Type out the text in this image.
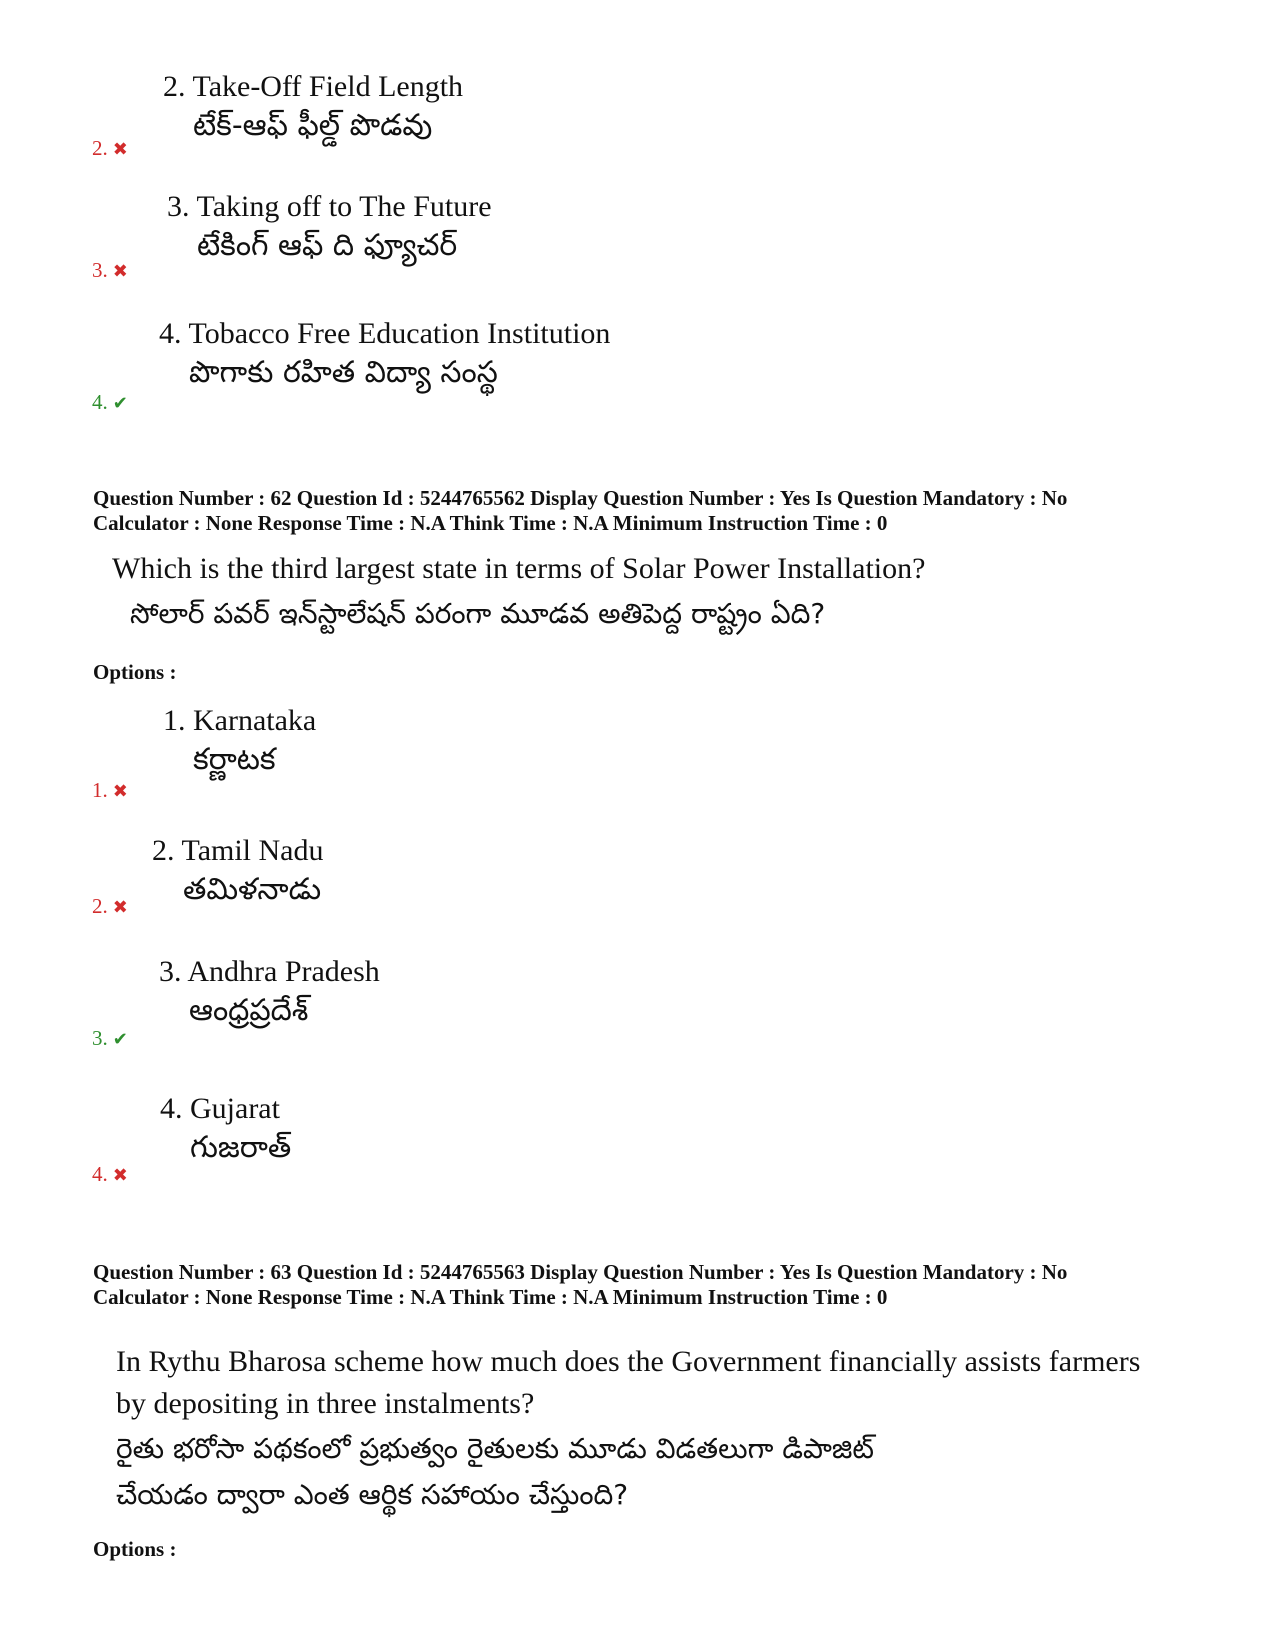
2. Take-Off Field Length
టేక్-ఆఫ్ ఫీల్డ్ పొడవు
2. ✖
3. Taking off to The Future
టేకింగ్ ఆఫ్ ది ఫ్యూచర్
3. ✖
4. Tobacco Free Education Institution
పొగాకు రహిత విద్యా సంస్థ
4. ✔
Question Number : 62 Question Id : 5244765562 Display Question Number : Yes Is Question Mandatory : No
Calculator : None Response Time : N.A Think Time : N.A Minimum Instruction Time : 0
Which is the third largest state in terms of Solar Power Installation?
సోలార్ పవర్ ఇన్‌స్టాలేషన్ పరంగా మూడవ అతిపెద్ద రాష్ట్రం ఏది?
Options :
1. Karnataka
కర్ణాటక
1. ✖
2. Tamil Nadu
తమిళనాడు
2. ✖
3. Andhra Pradesh
ఆంధ్రప్రదేశ్
3. ✔
4. Gujarat
గుజరాత్
4. ✖
Question Number : 63 Question Id : 5244765563 Display Question Number : Yes Is Question Mandatory : No
Calculator : None Response Time : N.A Think Time : N.A Minimum Instruction Time : 0
In Rythu Bharosa scheme how much does the Government financially assists farmers
by depositing in three instalments?
రైతు భరోసా పథకంలో ప్రభుత్వం రైతులకు మూడు విడతలుగా డిపాజిట్
చేయడం ద్వారా ఎంత ఆర్థిక సహాయం చేస్తుంది?
Options :
